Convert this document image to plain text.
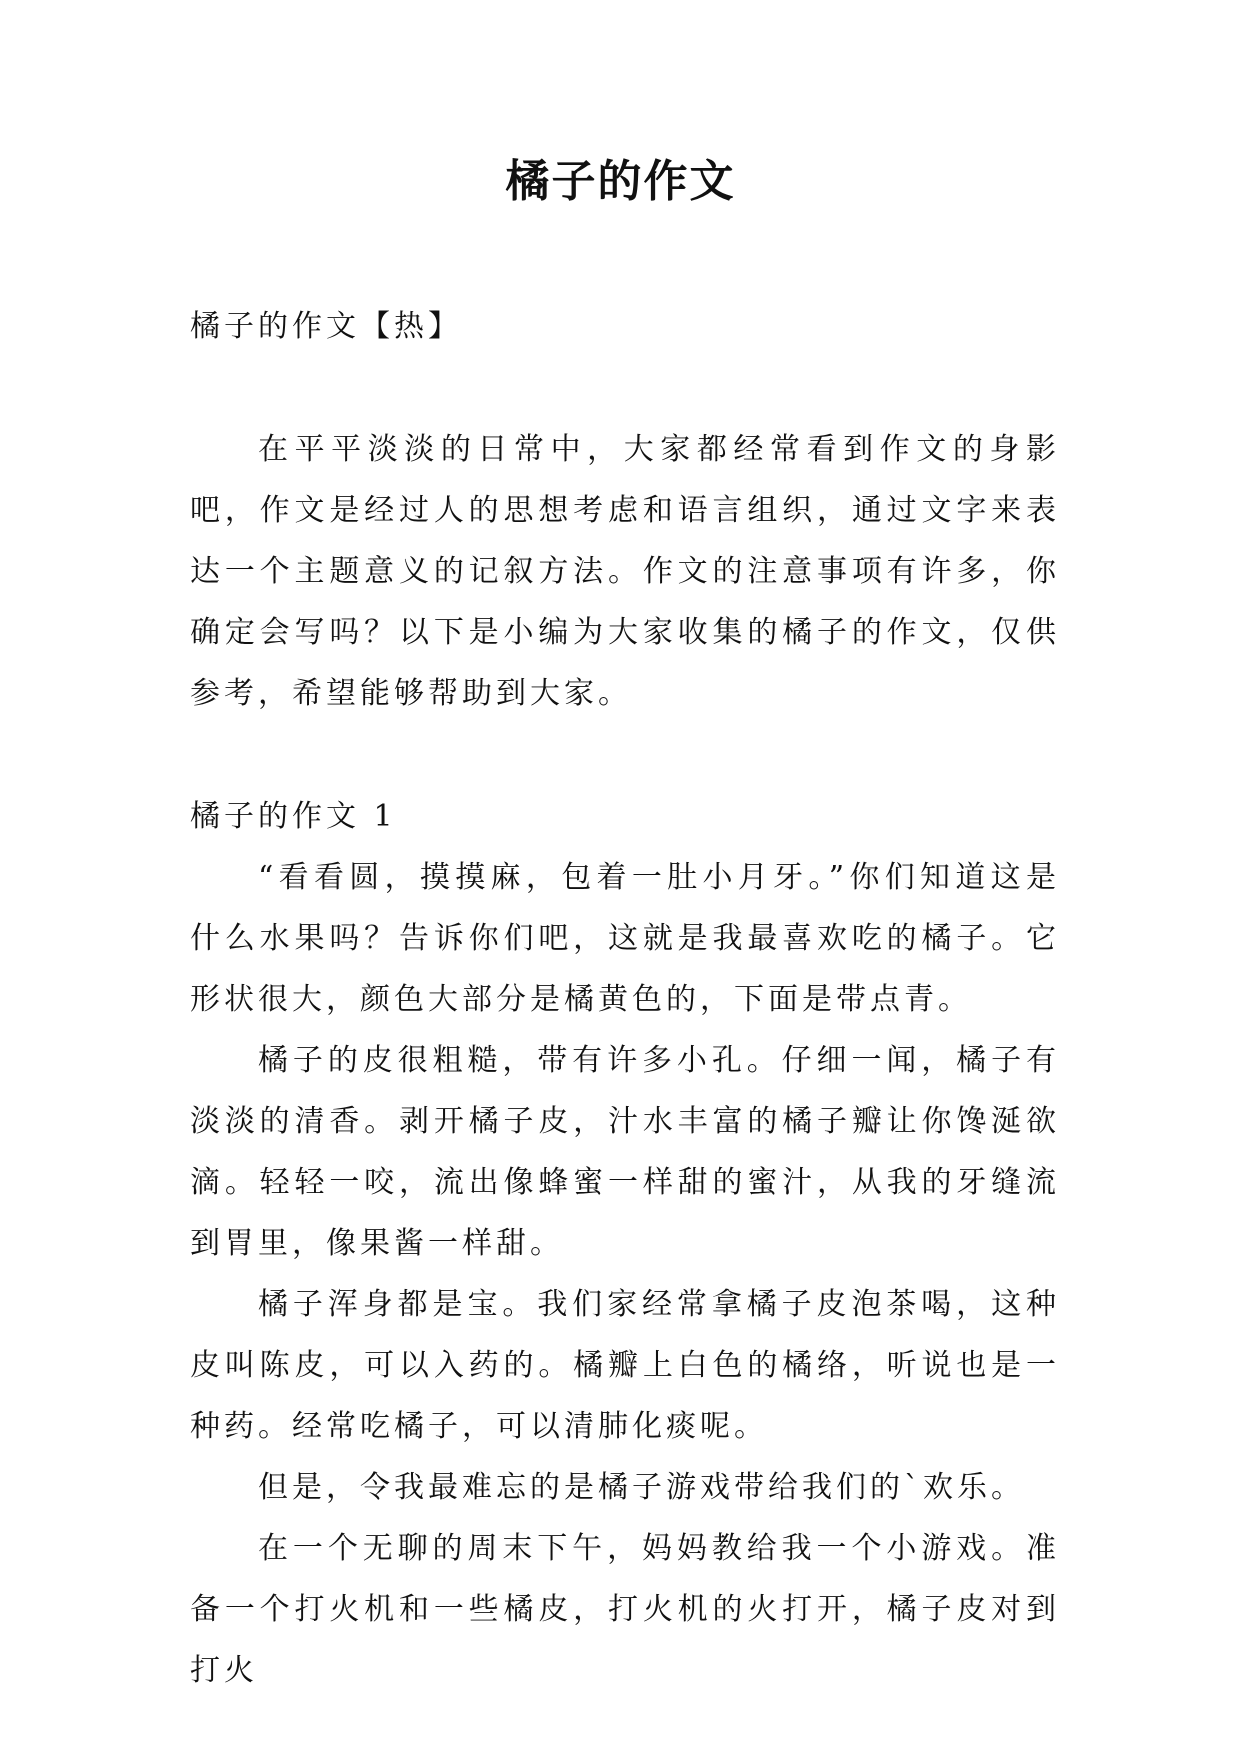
橘子的作文

橘子的作文【热】

在平平淡淡的日常中，大家都经常看到作文的身影吧，作文是经过人的思想考虑和语言组织，通过文字来表达一个主题意义的记叙方法。作文的注意事项有许多，你确定会写吗？以下是小编为大家收集的橘子的作文，仅供参考，希望能够帮助到大家。

橘子的作文 1

“看看圆，摸摸麻，包着一肚小月牙。”你们知道这是什么水果吗？告诉你们吧，这就是我最喜欢吃的橘子。它形状很大，颜色大部分是橘黄色的，下面是带点青。

橘子的皮很粗糙，带有许多小孔。仔细一闻，橘子有淡淡的清香。剥开橘子皮，汁水丰富的橘子瓣让你馋涎欲滴。轻轻一咬，流出像蜂蜜一样甜的蜜汁，从我的牙缝流到胃里，像果酱一样甜。

橘子浑身都是宝。我们家经常拿橘子皮泡茶喝，这种皮叫陈皮，可以入药的。橘瓣上白色的橘络，听说也是一种药。经常吃橘子，可以清肺化痰呢。

但是，令我最难忘的是橘子游戏带给我们的`欢乐。

在一个无聊的周末下午，妈妈教给我一个小游戏。准备一个打火机和一些橘皮，打火机的火打开，橘子皮对到打火
